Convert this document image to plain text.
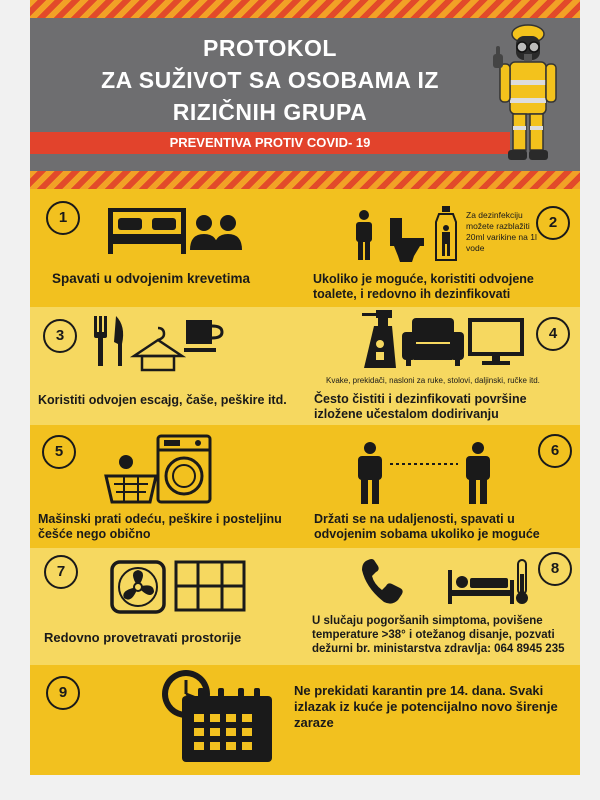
PROTOKOL
ZA SUŽIVOT SA OSOBAMA IZ
RIZIČNIH GRUPA
PREVENTIVA PROTIV COVID- 19
1
Spavati u odvojenim krevetima
Za dezinfekciju možete razblažiti 20ml varikine na 1l vode
2
Ukoliko je moguće, koristiti odvojene toalete, i redovno ih dezinfikovati
3
Koristiti odvojen escajg, čaše, peškire itd.
4
Kvake, prekidači, nasloni za ruke, stolovi, daljinski, ručke itd.
Često čistiti i dezinfikovati površine izložene učestalom dodirivanju
5
Mašinski prati odeću, peškire i posteljinu češće nego obično
6
Držati se na udaljenosti, spavati u odvojenim sobama ukoliko je moguće
7
Redovno provetravati prostorije
8
U slučaju pogoršanih simptoma, povišene temperature >38° i otežanog disanje, pozvati dežurni br. ministarstva zdravlja: 064 8945 235
9	Ne prekidati karantin pre 14. dana. Svaki izlazak iz kuće je potencijalno novo širenje zaraze
